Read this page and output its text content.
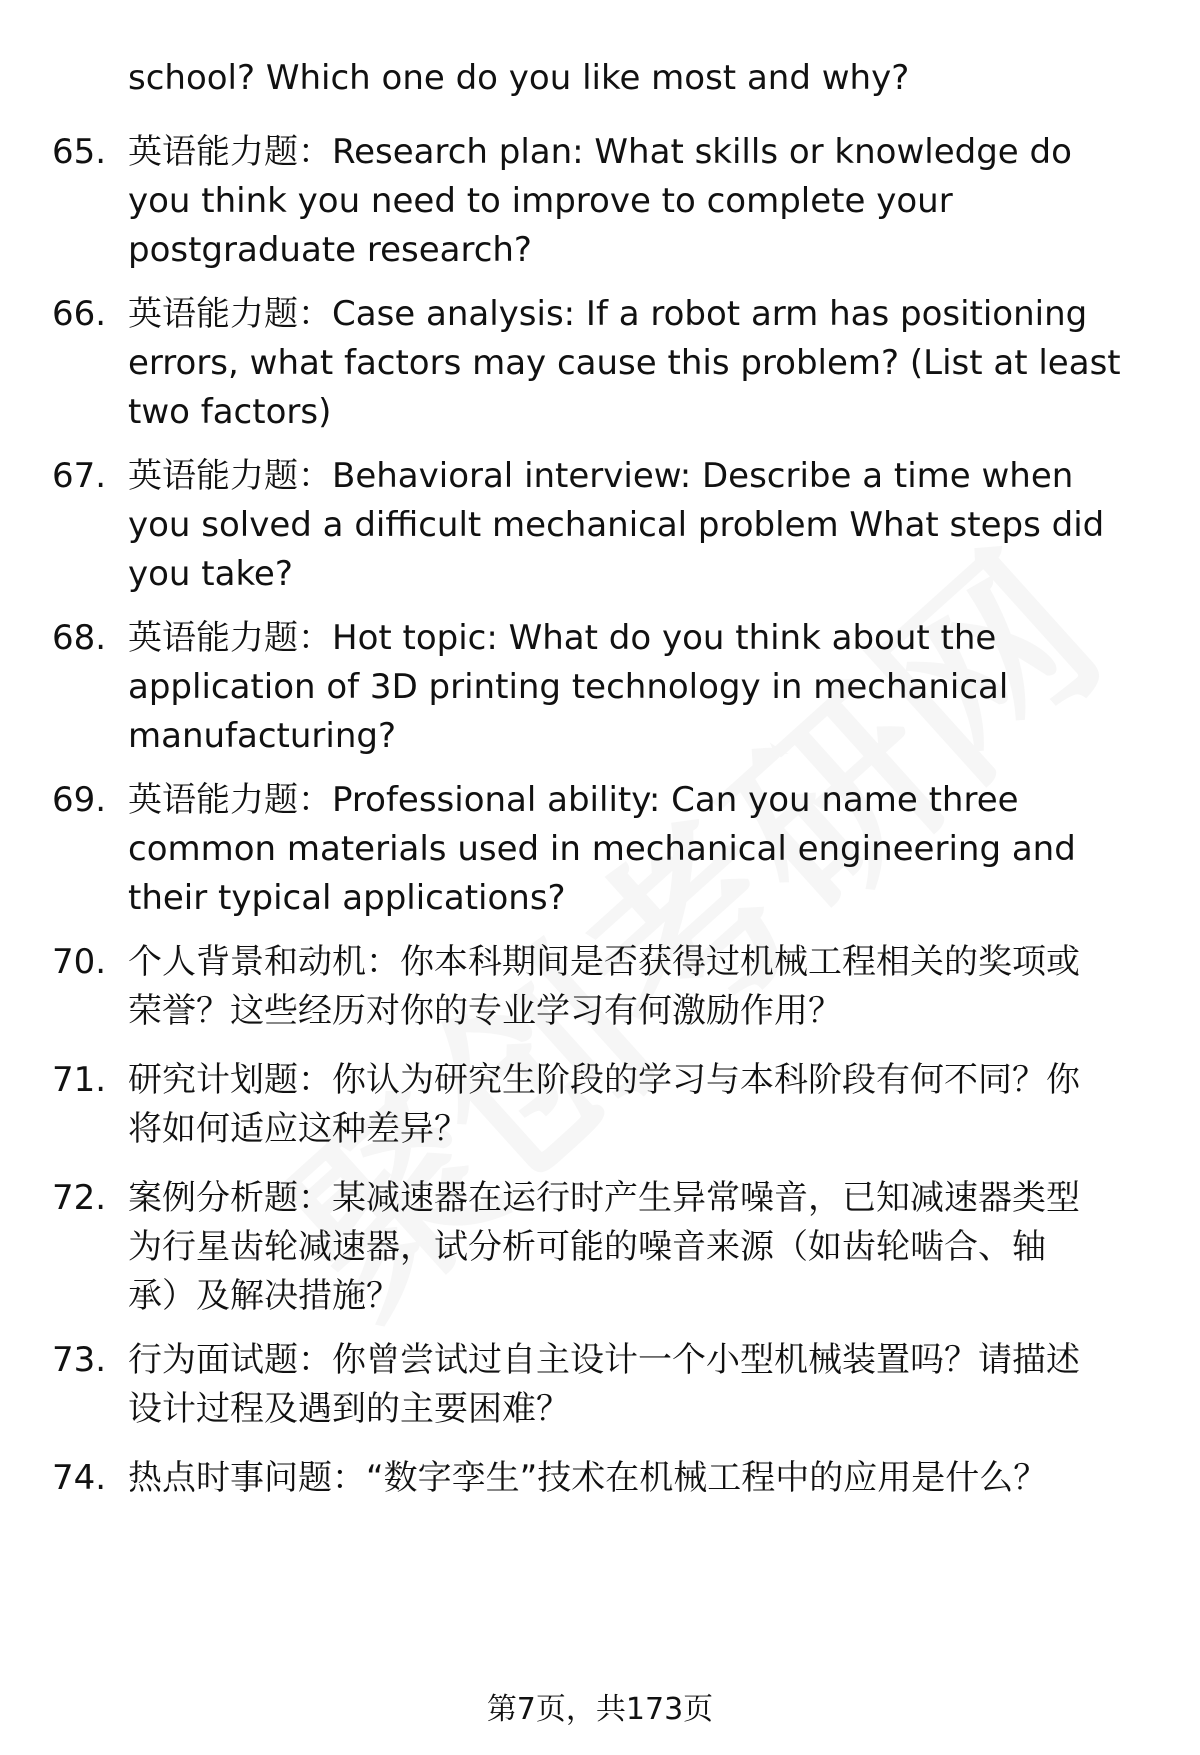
school? Which one do you like most and why?
65. 英语能力题：Research plan: What skills or knowledge do
you think you need to improve to complete your
postgraduate research?
66. 英语能力题：Case analysis: If a robot arm has positioning
errors, what factors may cause this problem? (List at least
two factors)
67. 英语能力题：Behavioral interview: Describe a time when
you solved a difficult mechanical problem What steps did
you take?
68. 英语能力题：Hot topic: What do you think about the
application of 3D printing technology in mechanical
manufacturing?
69. 英语能力题：Professional ability: Can you name three
common materials used in mechanical engineering and
their typical applications?
70. 个人背景和动机：你本科期间是否获得过机械工程相关的奖项或
荣誉？这些经历对你的专业学习有何激励作用？
71. 研究计划题：你认为研究生阶段的学习与本科阶段有何不同？你
将如何适应这种差异？
72. 案例分析题：某减速器在运行时产生异常噪音，已知减速器类型
为行星齿轮减速器，试分析可能的噪音来源（如齿轮啮合、轴
承）及解决措施？
73. 行为面试题：你曾尝试过自主设计一个小型机械装置吗？请描述
设计过程及遇到的主要困难？
74. 热点时事问题：“数字孪生”技术在机械工程中的应用是什么？
第7页，共173页
